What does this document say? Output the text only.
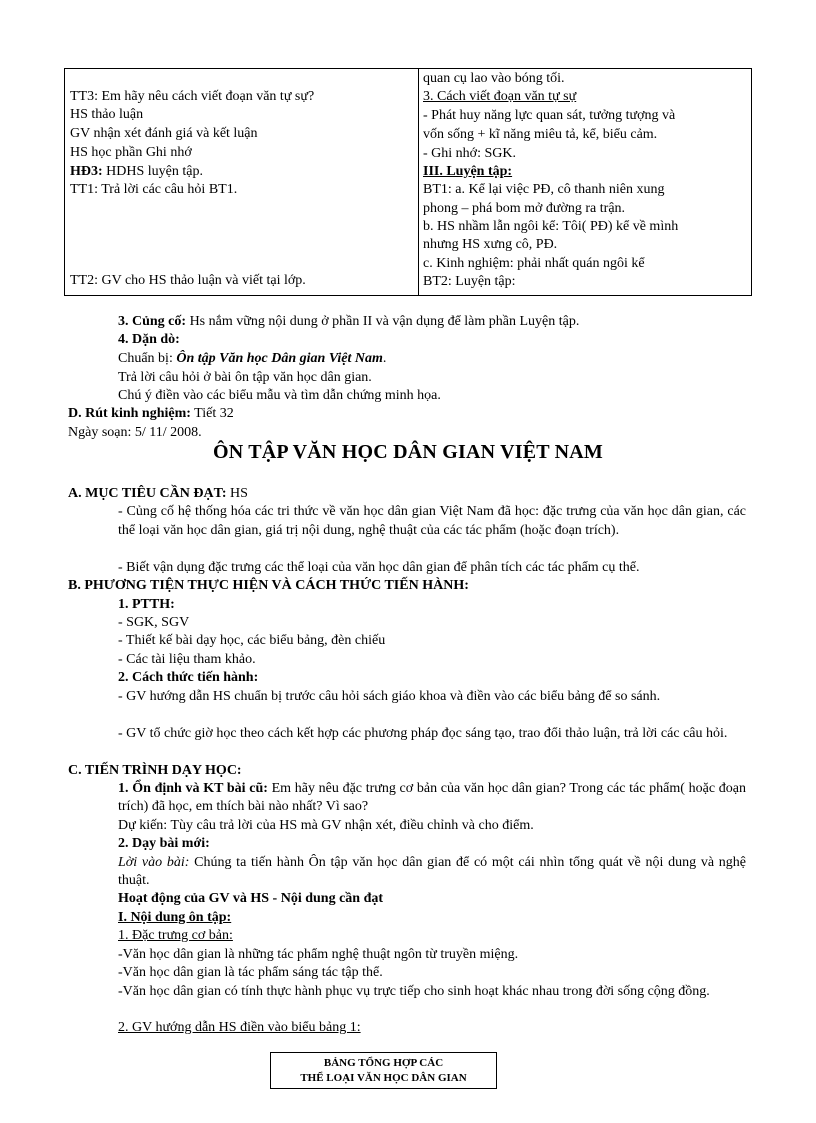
TT3: Em hãy nêu cách viết đoạn văn tự sự?
HS thảo luận
GV nhận xét đánh giá và kết luận
HS học phần Ghi nhớ
HĐ3: HDHS luyện tập.
TT1: Trả lời các câu hỏi BT1.
TT2: GV cho HS thảo luận và viết tại lớp.
quan cụ lao vào bóng tối.
3. Cách viết đoạn văn tự sự
- Phát huy năng lực quan sát, tưởng tượng và
vốn sống + kĩ năng miêu tả, kể, biểu cảm.
- Ghi nhớ: SGK.
III. Luyện tập:
BT1: a. Kể lại việc PĐ, cô thanh niên xung
phong – phá bom mở đường ra trận.
b. HS nhầm lẫn ngôi kể: Tôi( PĐ) kể về mình
nhưng HS xưng cô, PĐ.
c. Kinh nghiệm: phải nhất quán ngôi kể
BT2: Luyện tập:
3. Củng cố: Hs nắm vững nội dung ở phần II và vận dụng để làm phần Luyện tập.
4. Dặn dò:
Chuẩn bị: Ôn tập Văn học Dân gian Việt Nam.
Trả lời câu hỏi ở bài ôn tập văn học dân gian.
Chú ý điền vào các biểu mẫu và tìm dẫn chứng minh họa.
D. Rút kinh nghiệm: Tiết 32
Ngày soạn: 5/ 11/ 2008.
ÔN TẬP VĂN HỌC DÂN GIAN VIỆT NAM
A. MỤC TIÊU CẦN ĐẠT: HS
- Củng cố hệ thống hóa các tri thức về văn học dân gian Việt Nam đã học: đặc trưng của văn học dân gian, các thể loại văn học dân gian, giá trị nội dung, nghệ thuật của các tác phẩm (hoặc đoạn trích).
- Biết vận dụng đặc trưng các thể loại của văn học dân gian để phân tích các tác phẩm cụ thể.
B. PHƯƠNG TIỆN THỰC HIỆN VÀ CÁCH THỨC TIẾN HÀNH:
1. PTTH:
- SGK, SGV
- Thiết kế bài dạy học, các biểu bảng, đèn chiếu
- Các tài liệu tham khảo.
2. Cách thức tiến hành:
- GV hướng dẫn HS chuẩn bị trước câu hỏi sách giáo khoa và điền vào các biểu bảng để so sánh.
- GV tổ chức giờ học theo cách kết hợp các phương pháp đọc sáng tạo, trao đổi thảo luận, trả lời các câu hỏi.
C. TIẾN TRÌNH DẠY HỌC:
1. Ổn định và KT bài cũ: Em hãy nêu đặc trưng cơ bản của văn học dân gian? Trong các tác phẩm( hoặc đoạn trích) đã học, em thích bài nào nhất? Vì sao?
Dự kiến: Tùy câu trả lời của HS mà GV nhận xét, điều chỉnh và cho điểm.
2. Dạy bài mới:
Lời vào bài: Chúng ta tiến hành Ôn tập văn học dân gian để có một cái nhìn tổng quát về nội dung và nghệ thuật.
Hoạt động của GV và HS - Nội dung cần đạt
I. Nội dung ôn tập:
1. Đặc trưng cơ bản:
-Văn học dân gian là những tác phẩm nghệ thuật ngôn từ truyền miệng.
-Văn học dân gian là tác phẩm sáng tác tập thể.
-Văn học dân gian có tính thực hành phục vụ trực tiếp cho sinh hoạt khác nhau trong đời sống cộng đồng.
2. GV hướng dẫn HS điền vào biểu bảng 1:
BẢNG TỔNG HỢP CÁC
THỂ LOẠI VĂN HỌC DÂN GIAN
